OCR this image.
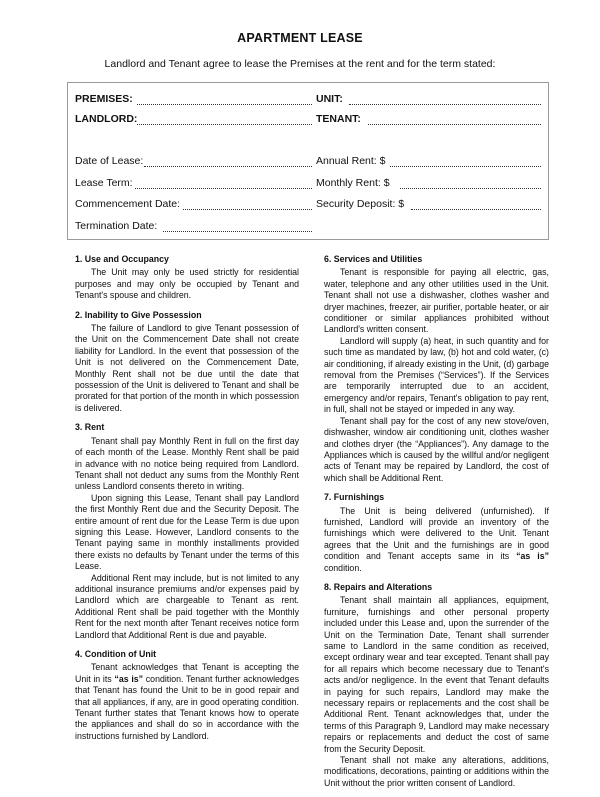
APARTMENT LEASE
Landlord and Tenant agree to lease the Premises at the rent and for the term stated:
PREMISES:	UNIT:
LANDLORD:	TENANT:
Date of Lease:	Annual Rent: $
Lease Term:	Monthly Rent: $
Commencement Date:	Security Deposit: $
Termination Date:
1. Use and Occupancy
The Unit may only be used strictly for residential purposes and may only be occupied by Tenant and Tenant's spouse and children.
2. Inability to Give Possession
The failure of Landlord to give Tenant possession of the Unit on the Commencement Date shall not create liability for Landlord. In the event that possession of the Unit is not delivered on the Commencement Date, Monthly Rent shall not be due until the date that possession of the Unit is delivered to Tenant and shall be prorated for that portion of the month in which possession is delivered.
3. Rent
Tenant shall pay Monthly Rent in full on the first day of each month of the Lease. Monthly Rent shall be paid in advance with no notice being required from Landlord. Tenant shall not deduct any sums from the Monthly Rent unless Landlord consents thereto in writing.
Upon signing this Lease, Tenant shall pay Landlord the first Monthly Rent due and the Security Deposit. The entire amount of rent due for the Lease Term is due upon signing this Lease. However, Landlord consents to the Tenant paying same in monthly installments provided there exists no defaults by Tenant under the terms of this Lease.
Additional Rent may include, but is not limited to any additional insurance premiums and/or expenses paid by Landlord which are chargeable to Tenant as rent. Additional Rent shall be paid together with the Monthly Rent for the next month after Tenant receives notice form Landlord that Additional Rent is due and payable.
4. Condition of Unit
Tenant acknowledges that Tenant is accepting the Unit in its “as is” condition. Tenant further acknowledges that Tenant has found the Unit to be in good repair and that all appliances, if any, are in good operating condition. Tenant further states that Tenant knows how to operate the appliances and shall do so in accordance with the instructions furnished by Landlord.
6. Services and Utilities
Tenant is responsible for paying all electric, gas, water, telephone and any other utilities used in the Unit. Tenant shall not use a dishwasher, clothes washer and dryer machines, freezer, air purifier, portable heater, or air conditioner or similar appliances prohibited without Landlord's written consent.
Landlord will supply (a) heat, in such quantity and for such time as mandated by law, (b) hot and cold water, (c) air conditioning, if already existing in the Unit, (d) garbage removal from the Premises (“Services”). If the Services are temporarily interrupted due to an accident, emergency and/or repairs, Tenant's obligation to pay rent, in full, shall not be stayed or impeded in any way.
Tenant shall pay for the cost of any new stove/oven, dishwasher, window air conditioning unit, clothes washer and clothes dryer (the “Appliances”). Any damage to the Appliances which is caused by the willful and/or negligent acts of Tenant may be repaired by Landlord, the cost of which shall be Additional Rent.
7. Furnishings
The Unit is being delivered (unfurnished). If furnished, Landlord will provide an inventory of the furnishings which were delivered to the Unit. Tenant agrees that the Unit and the furnishings are in good condition and Tenant accepts same in its “as is” condition.
8. Repairs and Alterations
Tenant shall maintain all appliances, equipment, furniture, furnishings and other personal property included under this Lease and, upon the surrender of the Unit on the Termination Date, Tenant shall surrender same to Landlord in the same condition as received, except ordinary wear and tear excepted. Tenant shall pay for all repairs which become necessary due to Tenant's acts and/or negligence. In the event that Tenant defaults in paying for such repairs, Landlord may make the necessary repairs or replacements and the cost shall be Additional Rent. Tenant acknowledges that, under the terms of this Paragraph 9, Landlord may make necessary repairs or replacements and deduct the cost of same from the Security Deposit.
Tenant shall not make any alterations, additions, modifications, decorations, painting or additions within the Unit without the prior written consent of Landlord.
